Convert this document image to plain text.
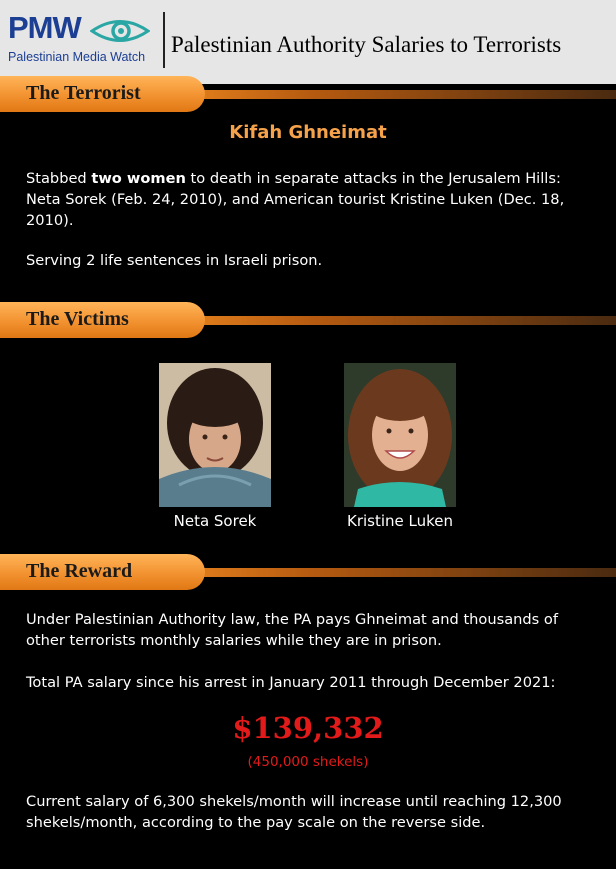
PMW
Palestinian Media Watch Palestinian Authority Salaries to Terrorists
The Terrorist
Kifah Ghneimat
Stabbed two women to death in separate attacks in the Jerusalem Hills: Neta Sorek (Feb. 24, 2010), and American tourist Kristine Luken (Dec. 18, 2010).
Serving 2 life sentences in Israeli prison.
The Victims
Neta Sorek	Kristine Luken
The Reward
Under Palestinian Authority law, the PA pays Ghneimat and thousands of other terrorists monthly salaries while they are in prison.
Total PA salary since his arrest in January 2011 through December 2021:
$139,332
(450,000 shekels)
Current salary of 6,300 shekels/month will increase until reaching 12,300 shekels/month, according to the pay scale on the reverse side.
